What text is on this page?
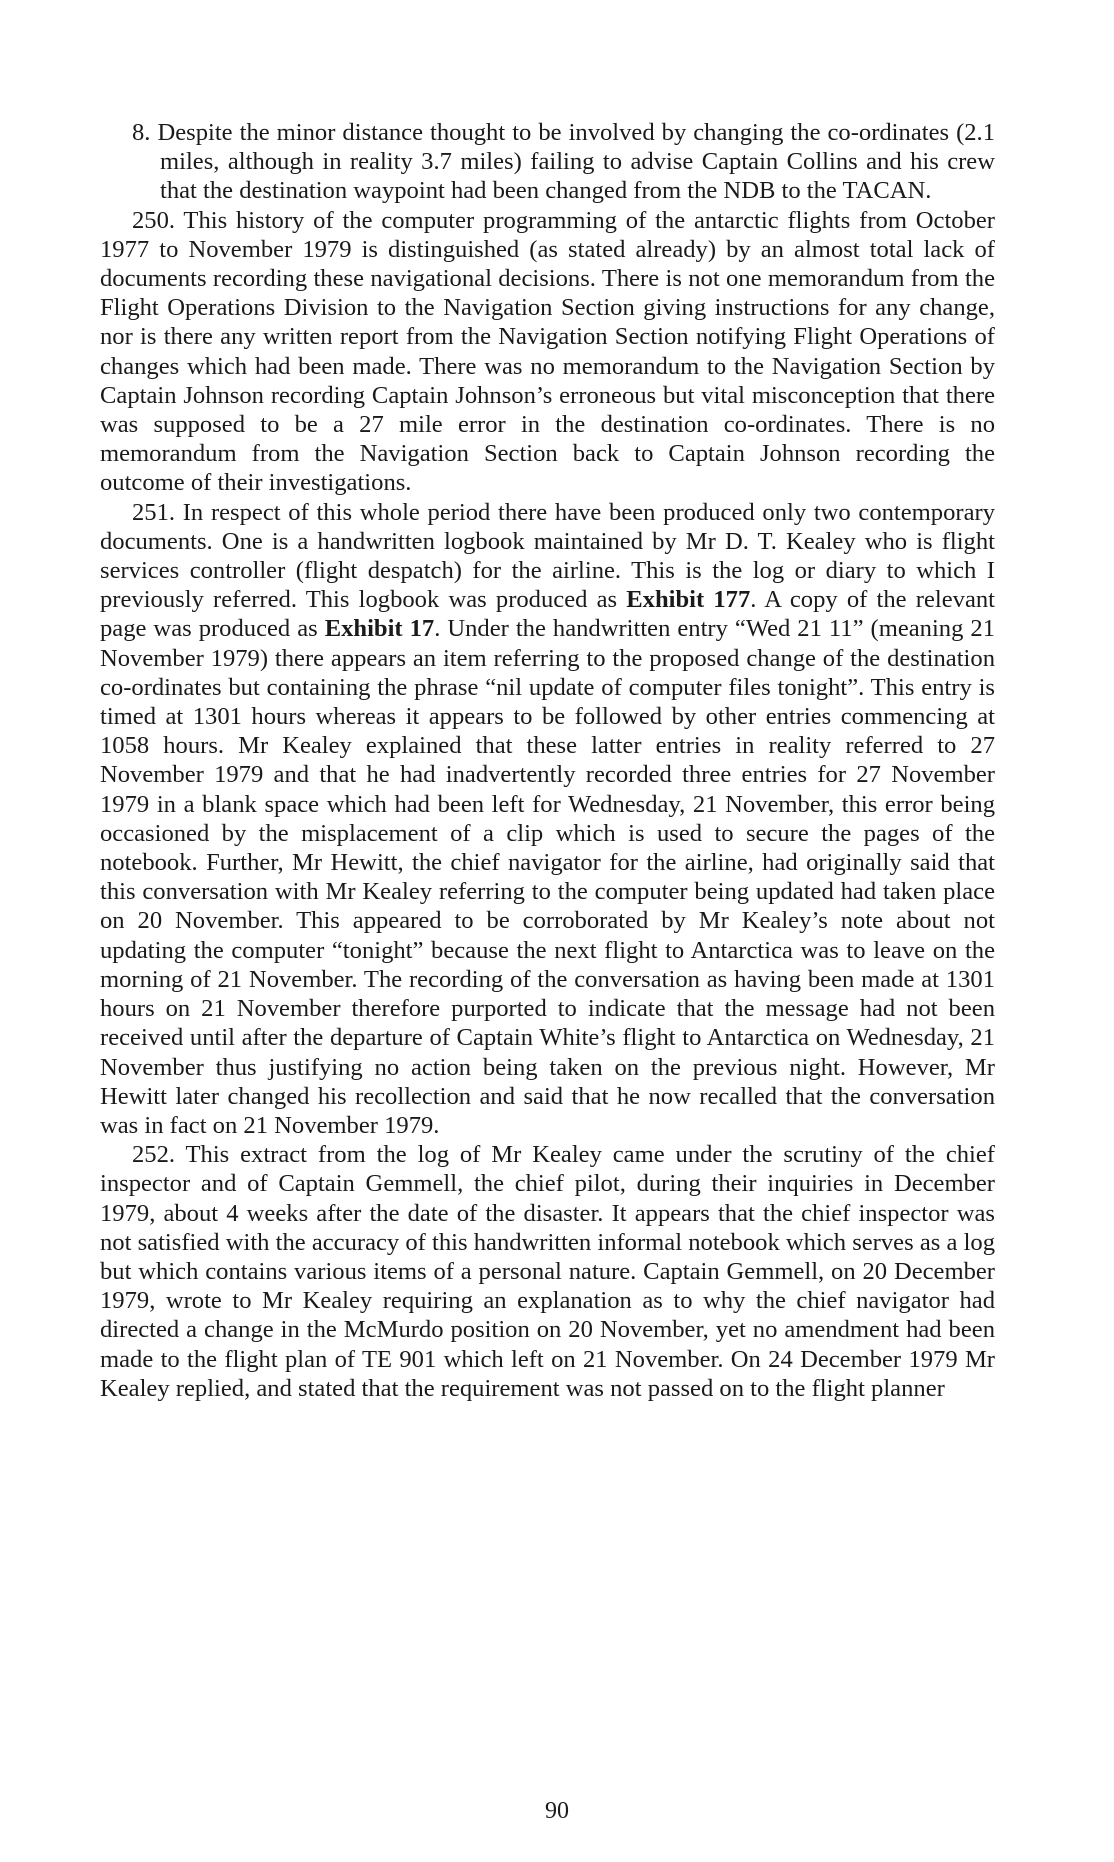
8. Despite the minor distance thought to be involved by changing the co-ordinates (2.1 miles, although in reality 3.7 miles) failing to advise Captain Collins and his crew that the destination waypoint had been changed from the NDB to the TACAN.

250. This history of the computer programming of the antarctic flights from October 1977 to November 1979 is distinguished (as stated already) by an almost total lack of documents recording these navigational decisions. There is not one memorandum from the Flight Operations Division to the Navigation Section giving instructions for any change, nor is there any written report from the Navigation Section notifying Flight Operations of changes which had been made. There was no memorandum to the Navigation Section by Captain Johnson recording Captain Johnson’s erroneous but vital misconception that there was supposed to be a 27 mile error in the destination co-ordinates. There is no memorandum from the Navigation Section back to Captain Johnson recording the outcome of their investigations.

251. In respect of this whole period there have been produced only two contemporary documents. One is a handwritten logbook maintained by Mr D. T. Kealey who is flight services controller (flight despatch) for the airline. This is the log or diary to which I previously referred. This logbook was produced as Exhibit 177. A copy of the relevant page was produced as Exhibit 17. Under the handwritten entry “Wed 21 11” (meaning 21 November 1979) there appears an item referring to the proposed change of the destination co-ordinates but containing the phrase “nil update of computer files tonight”. This entry is timed at 1301 hours whereas it appears to be followed by other entries commencing at 1058 hours. Mr Kealey explained that these latter entries in reality referred to 27 November 1979 and that he had inadvertently recorded three entries for 27 November 1979 in a blank space which had been left for Wednesday, 21 November, this error being occasioned by the misplacement of a clip which is used to secure the pages of the notebook. Further, Mr Hewitt, the chief navigator for the airline, had originally said that this conversation with Mr Kealey referring to the computer being updated had taken place on 20 November. This appeared to be corroborated by Mr Kealey’s note about not updating the computer “tonight” because the next flight to Antarctica was to leave on the morning of 21 November. The recording of the conversation as having been made at 1301 hours on 21 November therefore purported to indicate that the message had not been received until after the departure of Captain White’s flight to Antarctica on Wednesday, 21 November thus justifying no action being taken on the previous night. However, Mr Hewitt later changed his recollection and said that he now recalled that the conversation was in fact on 21 November 1979.

252. This extract from the log of Mr Kealey came under the scrutiny of the chief inspector and of Captain Gemmell, the chief pilot, during their inquiries in December 1979, about 4 weeks after the date of the disaster. It appears that the chief inspector was not satisfied with the accuracy of this handwritten informal notebook which serves as a log but which contains various items of a personal nature. Captain Gemmell, on 20 December 1979, wrote to Mr Kealey requiring an explanation as to why the chief navigator had directed a change in the McMurdo position on 20 November, yet no amendment had been made to the flight plan of TE 901 which left on 21 November. On 24 December 1979 Mr Kealey replied, and stated that the requirement was not passed on to the flight planner

90
